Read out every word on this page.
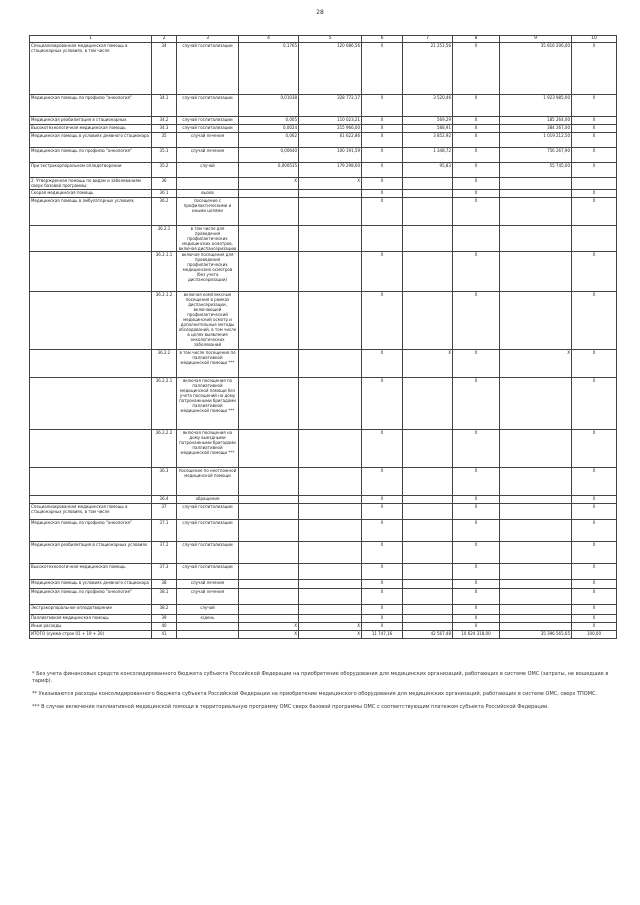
28
1	2	3	4	5	6	7	8	9	10
Специализированная медицинская помощь в стационарных условиях, в том числе	34	случай госпитализации	0,1765	120 686,56	X	21 251,56	X	35 816 206,00	X
Медицинская помощь по профилю "онкология"	34.1	случай госпитализации	0,01038	328 772,17	X	3 520,46	X	1 923 985,00	X
Медицинская реабилитация в стационарных	34.2	случай госпитализации	0,005	110 023,21	X	569,29	X	185 264,00	X
Высокотехнологичная медицинская помощь	34.3	случай госпитализации	0,0024	215 966,00	X	588,91	X	384 267,00	X
Медицинская помощь в условиях дневного стационара	35	случай лечения	0,062	61 622,86	X	3 852,92	X	1 019 212,50	X
Медицинская помощь по профилю "онкология"	35.1	случай лечения	0,00640	100 191,59	X	1 348,72	X	756 267,90	X
При экстракорпоральном оплодотворении	35.2	случай	0,000535	179 298,00	X	95,83	X	55 745,00	X
2. Утвержденная помощь по видам и заболеваниям сверх базовой программы:	36		X	X	X		X		
Скорая медицинская помощь	36.1	вызов			X		X		X
Медицинская помощь в амбулаторных условиях	36.2	посещение с профилактическими и иными целями			X		X		X
	36.2.1	в том числе для проведения профилактических медицинских осмотров, включая диспансеризацию							
	36.2.1.1	включая посещения для проведения профилактических медицинских осмотров (без учета диспансеризации)			X		X		X
	36.2.1.2	включая комплексные посещения в рамках диспансеризации, включающей профилактический медицинский осмотр и дополнительные методы обследований, в том числе в целях выявления онкологических заболеваний			X		X		X
	36.2.2	в том числе посещения по паллиативной медицинской помощи ***			X	X	X	X	X
	36.2.2.1	включая посещения по паллиативной медицинской помощи без учета посещений на дому патронажными бригадами паллиативной медицинской помощи ***			X		X		X
	36.2.2.2	включая посещения на дому выездными патронажными бригадами паллиативной медицинской помощи ***			X		X		X
	36.3	посещение по неотложной медицинской помощи			X		X		X
	36.4	обращение			X		X		X
Специализированная медицинская помощь в стационарных условиях, в том числе	37	случай госпитализации			X		X		X
Медицинская помощь по профилю "онкология"	37.1	случай госпитализации			X		X		X
Медицинская реабилитация в стационарных условиях	37.2	случай госпитализации			X		X		X
Высокотехнологичная медицинская помощь	37.3	случай госпитализации			X		X		X
Медицинская помощь в условиях дневного стационара	38	случай лечения			X		X		X
Медицинская помощь по профилю "онкология"	38.1	случай лечения			X		X		X
Экстракорпоральное оплодотворение	38.2	случай			X		X		X
Паллиативная медицинская помощь	39	к/день			X		X		X
Иные расходы	40		X	X	X		X		X
ИТОГО (сумма строк 01 + 19 + 20)	41		X	X	11 747,16	42 567,48	10 624 318,00	35 396 565,65	100,00

* Без учета финансовых средств консолидированного бюджета субъекта Российской Федерации на приобретение оборудования для медицинских организаций, работающих в системе ОМС (затраты, не вошедшие в тариф).

** Указываются расходы консолидированного бюджета субъекта Российской Федерации на приобретение медицинского оборудования для медицинских организаций, работающих в системе ОМС, сверх ТПОМС.

*** В случае включения паллиативной медицинской помощи в территориальную программу ОМС сверх базовой программы ОМС с соответствующим платежом субъекта Российской Федерации.
